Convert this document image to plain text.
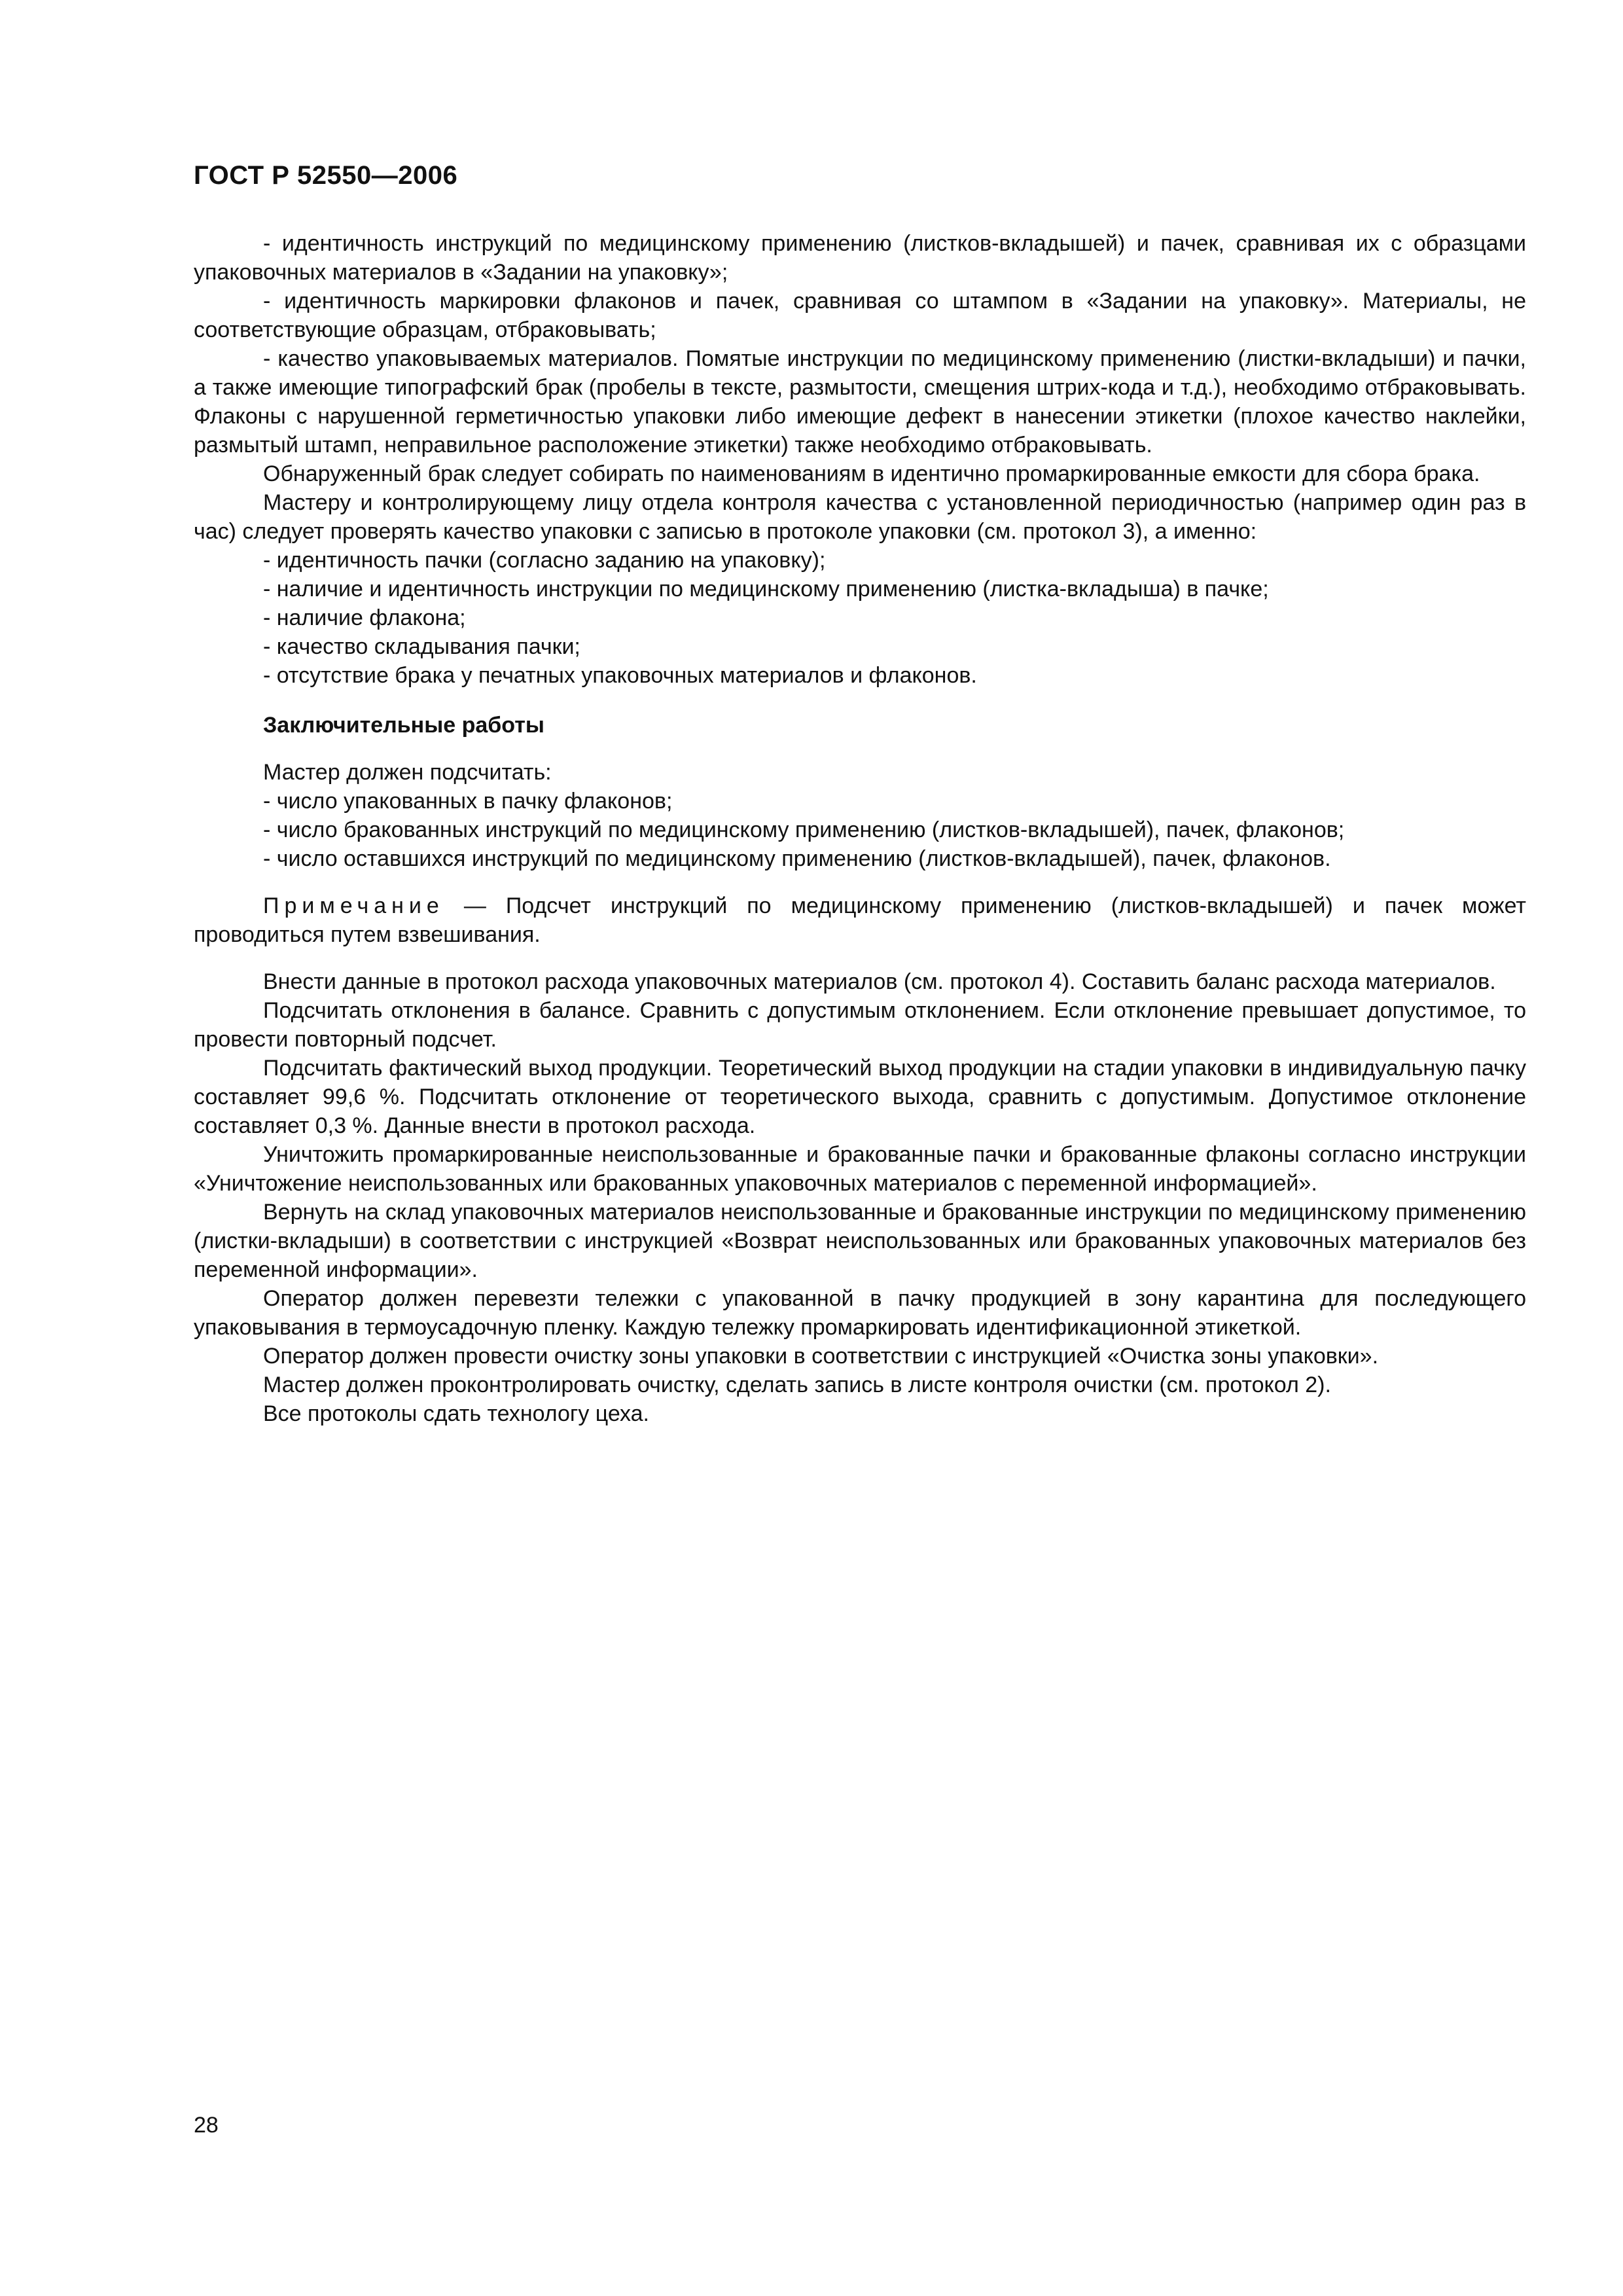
ГОСТ Р 52550—2006

- идентичность инструкций по медицинскому применению (листков-вкладышей) и пачек, сравнивая их с образцами упаковочных материалов в «Задании на упаковку»;

- идентичность маркировки флаконов и пачек, сравнивая со штампом в «Задании на упаковку». Материалы, не соответствующие образцам, отбраковывать;

- качество упаковываемых материалов. Помятые инструкции по медицинскому применению (листки-вкладыши) и пачки, а также имеющие типографский брак (пробелы в тексте, размытости, смещения штрих-кода и т.д.), необходимо отбраковывать. Флаконы с нарушенной герметичностью упаковки либо имеющие дефект в нанесении этикетки (плохое качество наклейки, размытый штамп, неправильное расположение этикетки) также необходимо отбраковывать.

Обнаруженный брак следует собирать по наименованиям в идентично промаркированные емкости для сбора брака.

Мастеру и контролирующему лицу отдела контроля качества с установленной периодичностью (например один раз в час) следует проверять качество упаковки с записью в протоколе упаковки (см. протокол 3), а именно:

- идентичность пачки (согласно заданию на упаковку);

- наличие и идентичность инструкции по медицинскому применению (листка-вкладыша) в пачке;

- наличие флакона;

- качество складывания пачки;

- отсутствие брака у печатных упаковочных материалов и флаконов.

Заключительные работы

Мастер должен подсчитать:

- число упакованных в пачку флаконов;

- число бракованных инструкций по медицинскому применению (листков-вкладышей), пачек, флаконов;

- число оставшихся инструкций по медицинскому применению (листков-вкладышей), пачек, флаконов.

Примечание — Подсчет инструкций по медицинскому применению (листков-вкладышей) и пачек может проводиться путем взвешивания.

Внести данные в протокол расхода упаковочных материалов (см. протокол 4). Составить баланс расхода материалов.

Подсчитать отклонения в балансе. Сравнить с допустимым отклонением. Если отклонение превышает допустимое, то провести повторный подсчет.

Подсчитать фактический выход продукции. Теоретический выход продукции на стадии упаковки в индивидуальную пачку составляет 99,6 %. Подсчитать отклонение от теоретического выхода, сравнить с допустимым. Допустимое отклонение составляет 0,3 %. Данные внести в протокол расхода.

Уничтожить промаркированные неиспользованные и бракованные пачки и бракованные флаконы согласно инструкции «Уничтожение неиспользованных или бракованных упаковочных материалов с переменной информацией».

Вернуть на склад упаковочных материалов неиспользованные и бракованные инструкции по медицинскому применению (листки-вкладыши) в соответствии с инструкцией «Возврат неиспользованных или бракованных упаковочных материалов без переменной информации».

Оператор должен перевезти тележки с упакованной в пачку продукцией в зону карантина для последующего упаковывания в термоусадочную пленку. Каждую тележку промаркировать идентификационной этикеткой.

Оператор должен провести очистку зоны упаковки в соответствии с инструкцией «Очистка зоны упаковки».

Мастер должен проконтролировать очистку, сделать запись в листе контроля очистки (см. протокол 2).

Все протоколы сдать технологу цеха.

28
